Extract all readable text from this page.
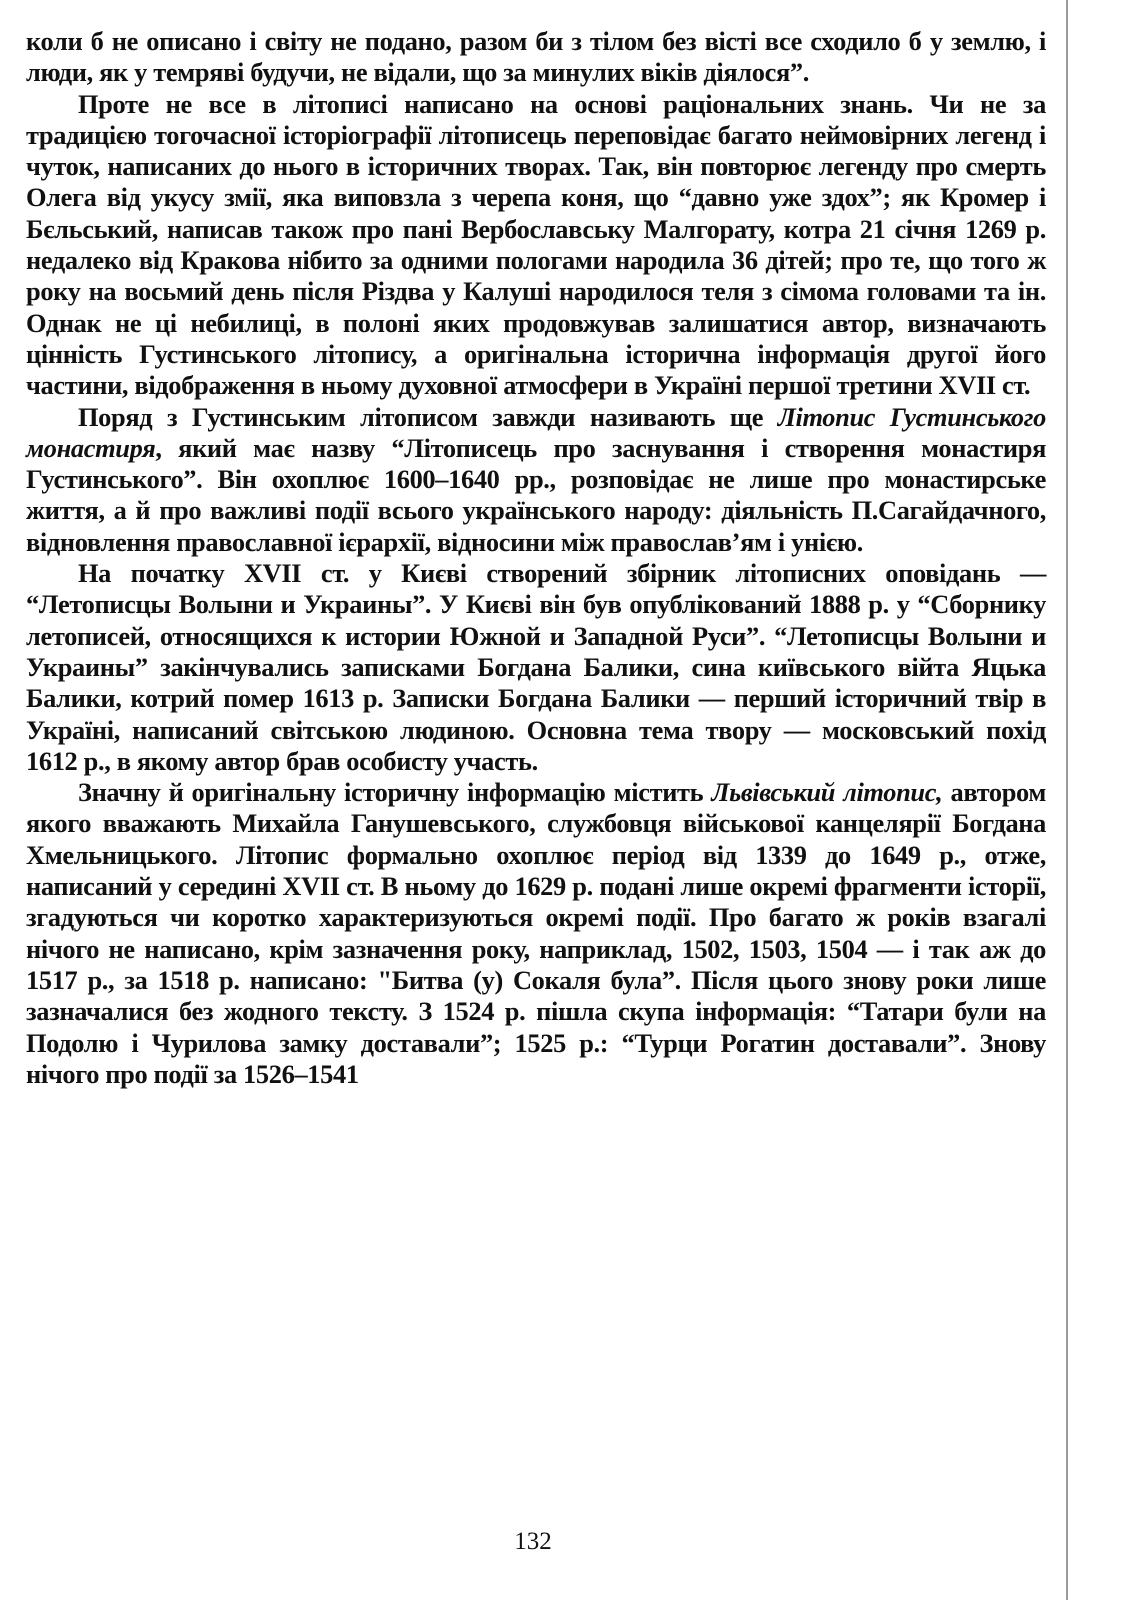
коли б не описано і світу не подано, разом би з тілом без вісті все сходило б у землю, і люди, як у темряві будучи, не відали, що за минулих віків діялося”.

Проте не все в літописі написано на основі раціональних знань. Чи не за традицією тогочасної історіографії літописець переповідає багато неймовірних легенд і чуток, написаних до нього в історичних творах. Так, він повторює легенду про смерть Олега від укусу змії, яка виповзла з черепа коня, що “давно уже здох”; як Кромер і Бєльський, написав також про пані Вербославську Малгорату, котра 21 січня 1269 р. недалеко від Кракова нібито за одними пологами народила 36 дітей; про те, що того ж року на восьмий день після Різдва у Калуші народилося теля з сімома головами та ін. Однак не ці небилиці, в полоні яких продовжував залишатися автор, визначають цінність Густинського літопису, а оригінальна історична інформація другої його частини, відображення в ньому духовної атмосфери в Україні першої третини XVII ст.

Поряд з Густинським літописом завжди називають ще Літопис Густинського монастиря, який має назву “Літописець про заснування і створення монастиря Густинського”. Він охоплює 1600–1640 рр., розповідає не лише про монастирське життя, а й про важливі події всього українського народу: діяльність П.Сагайдачного, відновлення православної ієрархії, відносини між православ’ям і унією.

На початку XVII ст. у Києві створений збірник літописних оповідань — “Летописцы Волыни и Украины”. У Києві він був опублікований 1888 р. у “Сборнику летописей, относящихся к истории Южной и Западной Руси”. “Летописцы Волыни и Украины” закінчувались записками Богдана Балики, сина київського війта Яцька Балики, котрий помер 1613 р. Записки Богдана Балики — перший історичний твір в Україні, написаний світською людиною. Основна тема твору — московський похід 1612 р., в якому автор брав особисту участь.

Значну й оригінальну історичну інформацію містить Львівський літопис, автором якого вважають Михайла Ганушевського, службовця військової канцелярії Богдана Хмельницького. Літопис формально охоплює період від 1339 до 1649 р., отже, написаний у середині XVII ст. В ньому до 1629 р. подані лише окремі фрагменти історії, згадуються чи коротко характеризуються окремі події. Про багато ж років взагалі нічого не написано, крім зазначення року, наприклад, 1502, 1503, 1504 — і так аж до 1517 р., за 1518 р. написано: "Битва (у) Сокаля була”. Після цього знову роки лише зазначалися без жодного тексту. З 1524 р. пішла скупа інформація: “Татари були на Подолю і Чурилова замку доставали”; 1525 р.: “Турци Рогатин доставали”. Знову нічого про події за 1526–1541

132
